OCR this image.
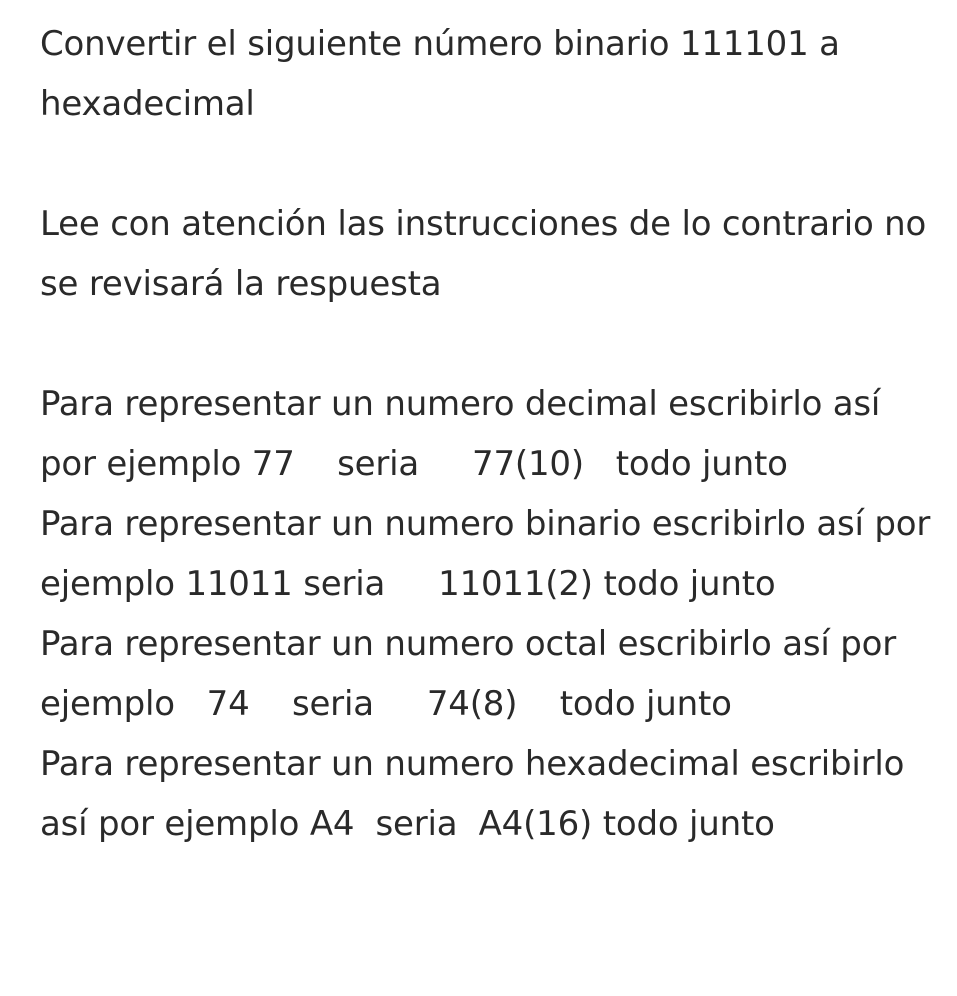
Convertir el siguiente número binario 111101 a hexadecimal

Lee con atención las instrucciones de lo contrario no se revisará la respuesta

Para representar un numero decimal escribirlo así por ejemplo 77    seria     77(10)   todo junto

Para representar un numero binario escribirlo así por ejemplo 11011 seria     11011(2) todo junto

Para representar un numero octal escribirlo así por ejemplo   74    seria     74(8)    todo junto

Para representar un numero hexadecimal escribirlo así por ejemplo A4  seria  A4(16) todo junto
